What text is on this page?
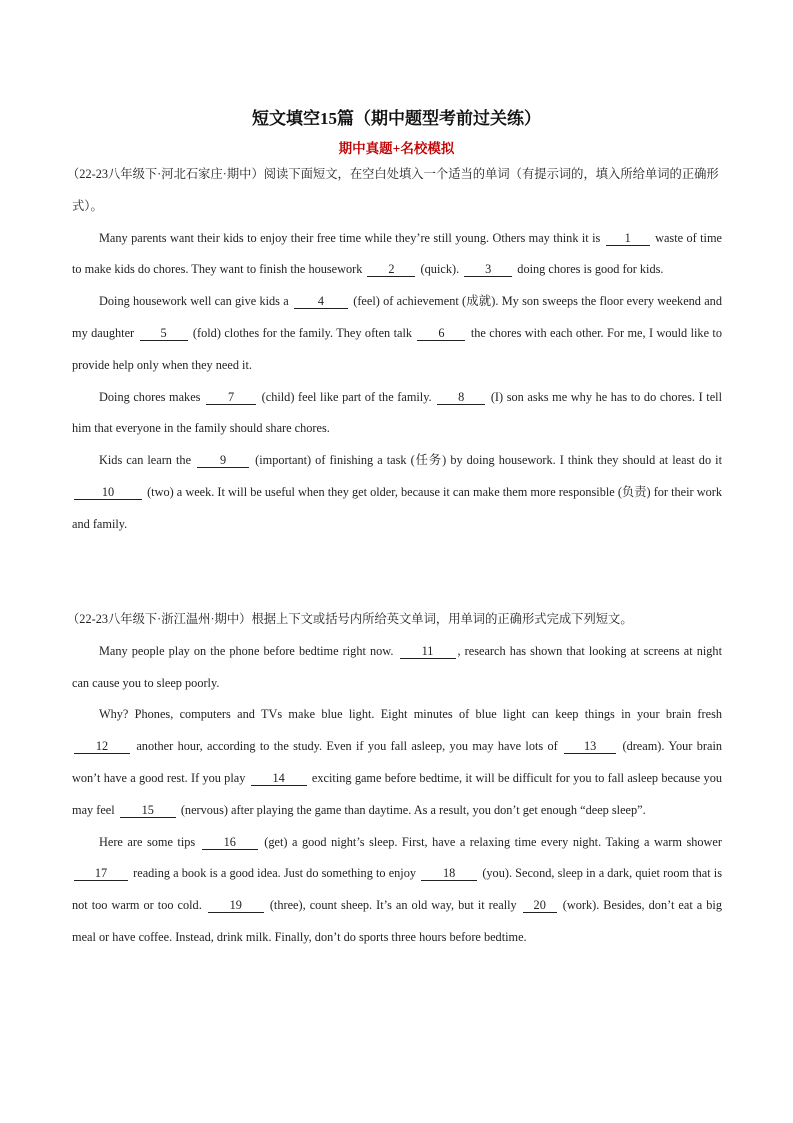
短文填空15篇（期中题型考前过关练）
期中真题+名校模拟

（22-23八年级下·河北石家庄·期中）阅读下面短文，在空白处填入一个适当的单词（有提示词的，填入所给单词的正确形式）。

Many parents want their kids to enjoy their free time while they’re still young. Others may think it is 1 waste of time to make kids do chores. They want to finish the housework 2 (quick). 3 doing chores is good for kids.

Doing housework well can give kids a 4 (feel) of achievement (成就). My son sweeps the floor every weekend and my daughter 5 (fold) clothes for the family. They often talk 6 the chores with each other. For me, I would like to provide help only when they need it.

Doing chores makes 7 (child) feel like part of the family. 8 (I) son asks me why he has to do chores. I tell him that everyone in the family should share chores.

Kids can learn the 9 (important) of finishing a task (任务) by doing housework. I think they should at least do it 10 (two) a week. It will be useful when they get older, because it can make them more responsible (负责) for their work and family.

（22-23八年级下·浙江温州·期中）根据上下文或括号内所给英文单词，用单词的正确形式完成下列短文。

Many people play on the phone before bedtime right now. 11 , research has shown that looking at screens at night can cause you to sleep poorly.

Why? Phones, computers and TVs make blue light. Eight minutes of blue light can keep things in your brain fresh 12 another hour, according to the study. Even if you fall asleep, you may have lots of 13 (dream). Your brain won’t have a good rest. If you play 14 exciting game before bedtime, it will be difficult for you to fall asleep because you may feel 15 (nervous) after playing the game than daytime. As a result, you don’t get enough “deep sleep”.

Here are some tips 16 (get) a good night’s sleep. First, have a relaxing time every night. Taking a warm shower 17 reading a book is a good idea. Just do something to enjoy 18 (you). Second, sleep in a dark, quiet room that is not too warm or too cold. 19 (three), count sheep. It’s an old way, but it really 20 (work). Besides, don’t eat a big meal or have coffee. Instead, drink milk. Finally, don’t do sports three hours before bedtime.
